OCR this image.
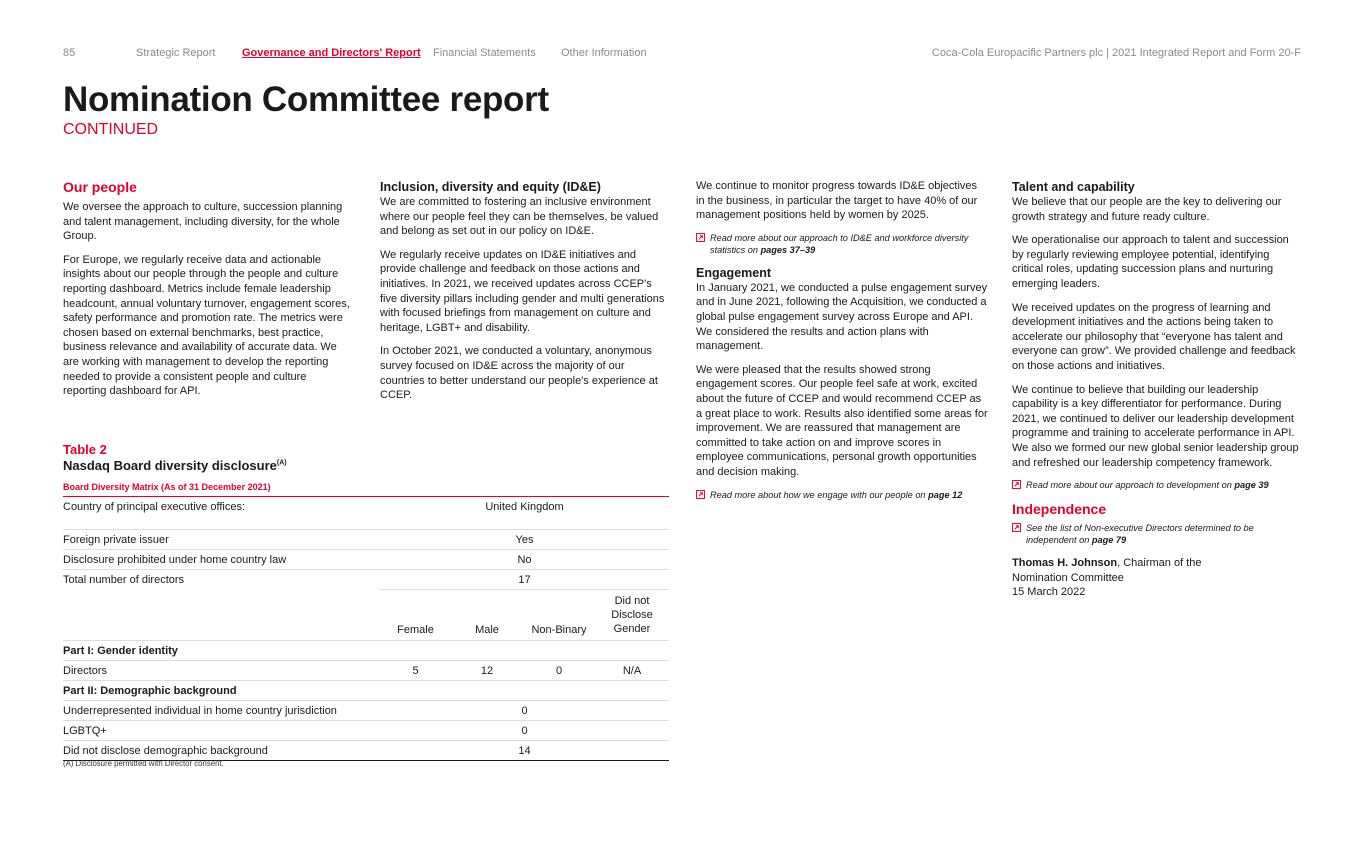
85	Strategic Report Governance and Directors' Report Financial Statements Other Information	Coca-Cola Europacific Partners plc | 2021 Integrated Report and Form 20-F
Nomination Committee report
CONTINUED
Our people

We oversee the approach to culture, succession planning and talent management, including diversity, for the whole Group.

For Europe, we regularly receive data and actionable insights about our people through the people and culture reporting dashboard. Metrics include female leadership headcount, annual voluntary turnover, engagement scores, safety performance and promotion rate. The metrics were chosen based on external benchmarks, best practice, business relevance and availability of accurate data. We are working with management to develop the reporting needed to provide a consistent people and culture reporting dashboard for API.

Inclusion, diversity and equity (ID&E)

We are committed to fostering an inclusive environment where our people feel they can be themselves, be valued and belong as set out in our policy on ID&E.

We regularly receive updates on ID&E initiatives and provide challenge and feedback on those actions and initiatives. In 2021, we received updates across CCEP's five diversity pillars including gender and multi generations with focused briefings from management on culture and heritage, LGBT+ and disability.

In October 2021, we conducted a voluntary, anonymous survey focused on ID&E across the majority of our countries to better understand our people's experience at CCEP.

We continue to monitor progress towards ID&E objectives in the business, in particular the target to have 40% of our management positions held by women by 2025.

Read more about our approach to ID&E and workforce diversity statistics on pages 37–39
Engagement

In January 2021, we conducted a pulse engagement survey and in June 2021, following the Acquisition, we conducted a global pulse engagement survey across Europe and API. We considered the results and action plans with management.

We were pleased that the results showed strong engagement scores. Our people feel safe at work, excited about the future of CCEP and would recommend CCEP as a great place to work. Results also identified some areas for improvement. We are reassured that management are committed to take action on and improve scores in employee communications, personal growth opportunities and decision making.

Read more about how we engage with our people on page 12
Talent and capability

We believe that our people are the key to delivering our growth strategy and future ready culture.

We operationalise our approach to talent and succession by regularly reviewing employee potential, identifying critical roles, updating succession plans and nurturing emerging leaders.

We received updates on the progress of learning and development initiatives and the actions being taken to accelerate our philosophy that “everyone has talent and everyone can grow”. We provided challenge and feedback on those actions and initiatives.

We continue to believe that building our leadership capability is a key differentiator for performance. During 2021, we continued to deliver our leadership development programme and training to accelerate performance in API. We also we formed our new global senior leadership group and refreshed our leadership competency framework.

Read more about our approach to development on page 39
Independence
See the list of Non-executive Directors determined to be independent on page 79
Thomas H. Johnson, Chairman of the
Nomination Committee
15 March 2022
Table 2
Nasdaq Board diversity disclosure$^{(A)}$
Board Diversity Matrix (As of 31 December 2021)
Country of principal executive offices:	United Kingdom			

Foreign private issuer	Yes			
Disclosure prohibited under home country law	No			
Total number of directors	17			
	Female	Male	Non-Binary	Did not Disclose Gender
Part I: Gender identity				
Directors	5	12	0	N/A
Part II: Demographic background				
Underrepresented individual in home country jurisdiction	0			
LGBTQ+	0			
Did not disclose demographic background	14			
(A) Disclosure permitted with Director consent.
